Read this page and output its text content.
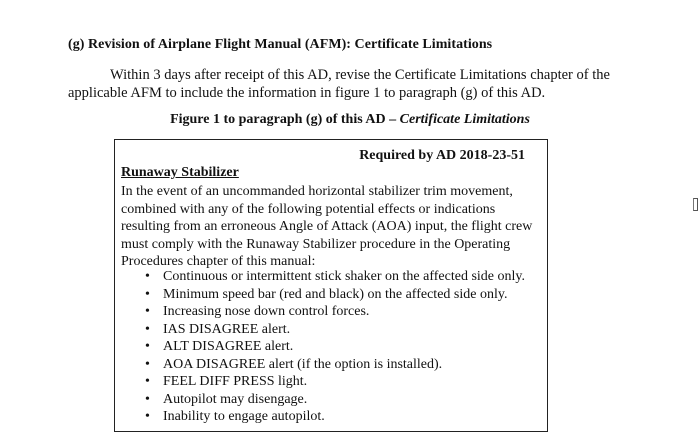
(g) Revision of Airplane Flight Manual (AFM): Certificate Limitations
Within 3 days after receipt of this AD, revise the Certificate Limitations chapter of the
applicable AFM to include the information in figure 1 to paragraph (g) of this AD.
Figure 1 to paragraph (g) of this AD – Certificate Limitations
Required by AD 2018-23-51
Runaway Stabilizer
In the event of an uncommanded horizontal stabilizer trim movement,
combined with any of the following potential effects or indications
resulting from an erroneous Angle of Attack (AOA) input, the flight crew
must comply with the Runaway Stabilizer procedure in the Operating
Procedures chapter of this manual:
• Continuous or intermittent stick shaker on the affected side only.
• Minimum speed bar (red and black) on the affected side only.
• Increasing nose down control forces.
• IAS DISAGREE alert.
• ALT DISAGREE alert.
• AOA DISAGREE alert (if the option is installed).
• FEEL DIFF PRESS light.
• Autopilot may disengage.
• Inability to engage autopilot.
